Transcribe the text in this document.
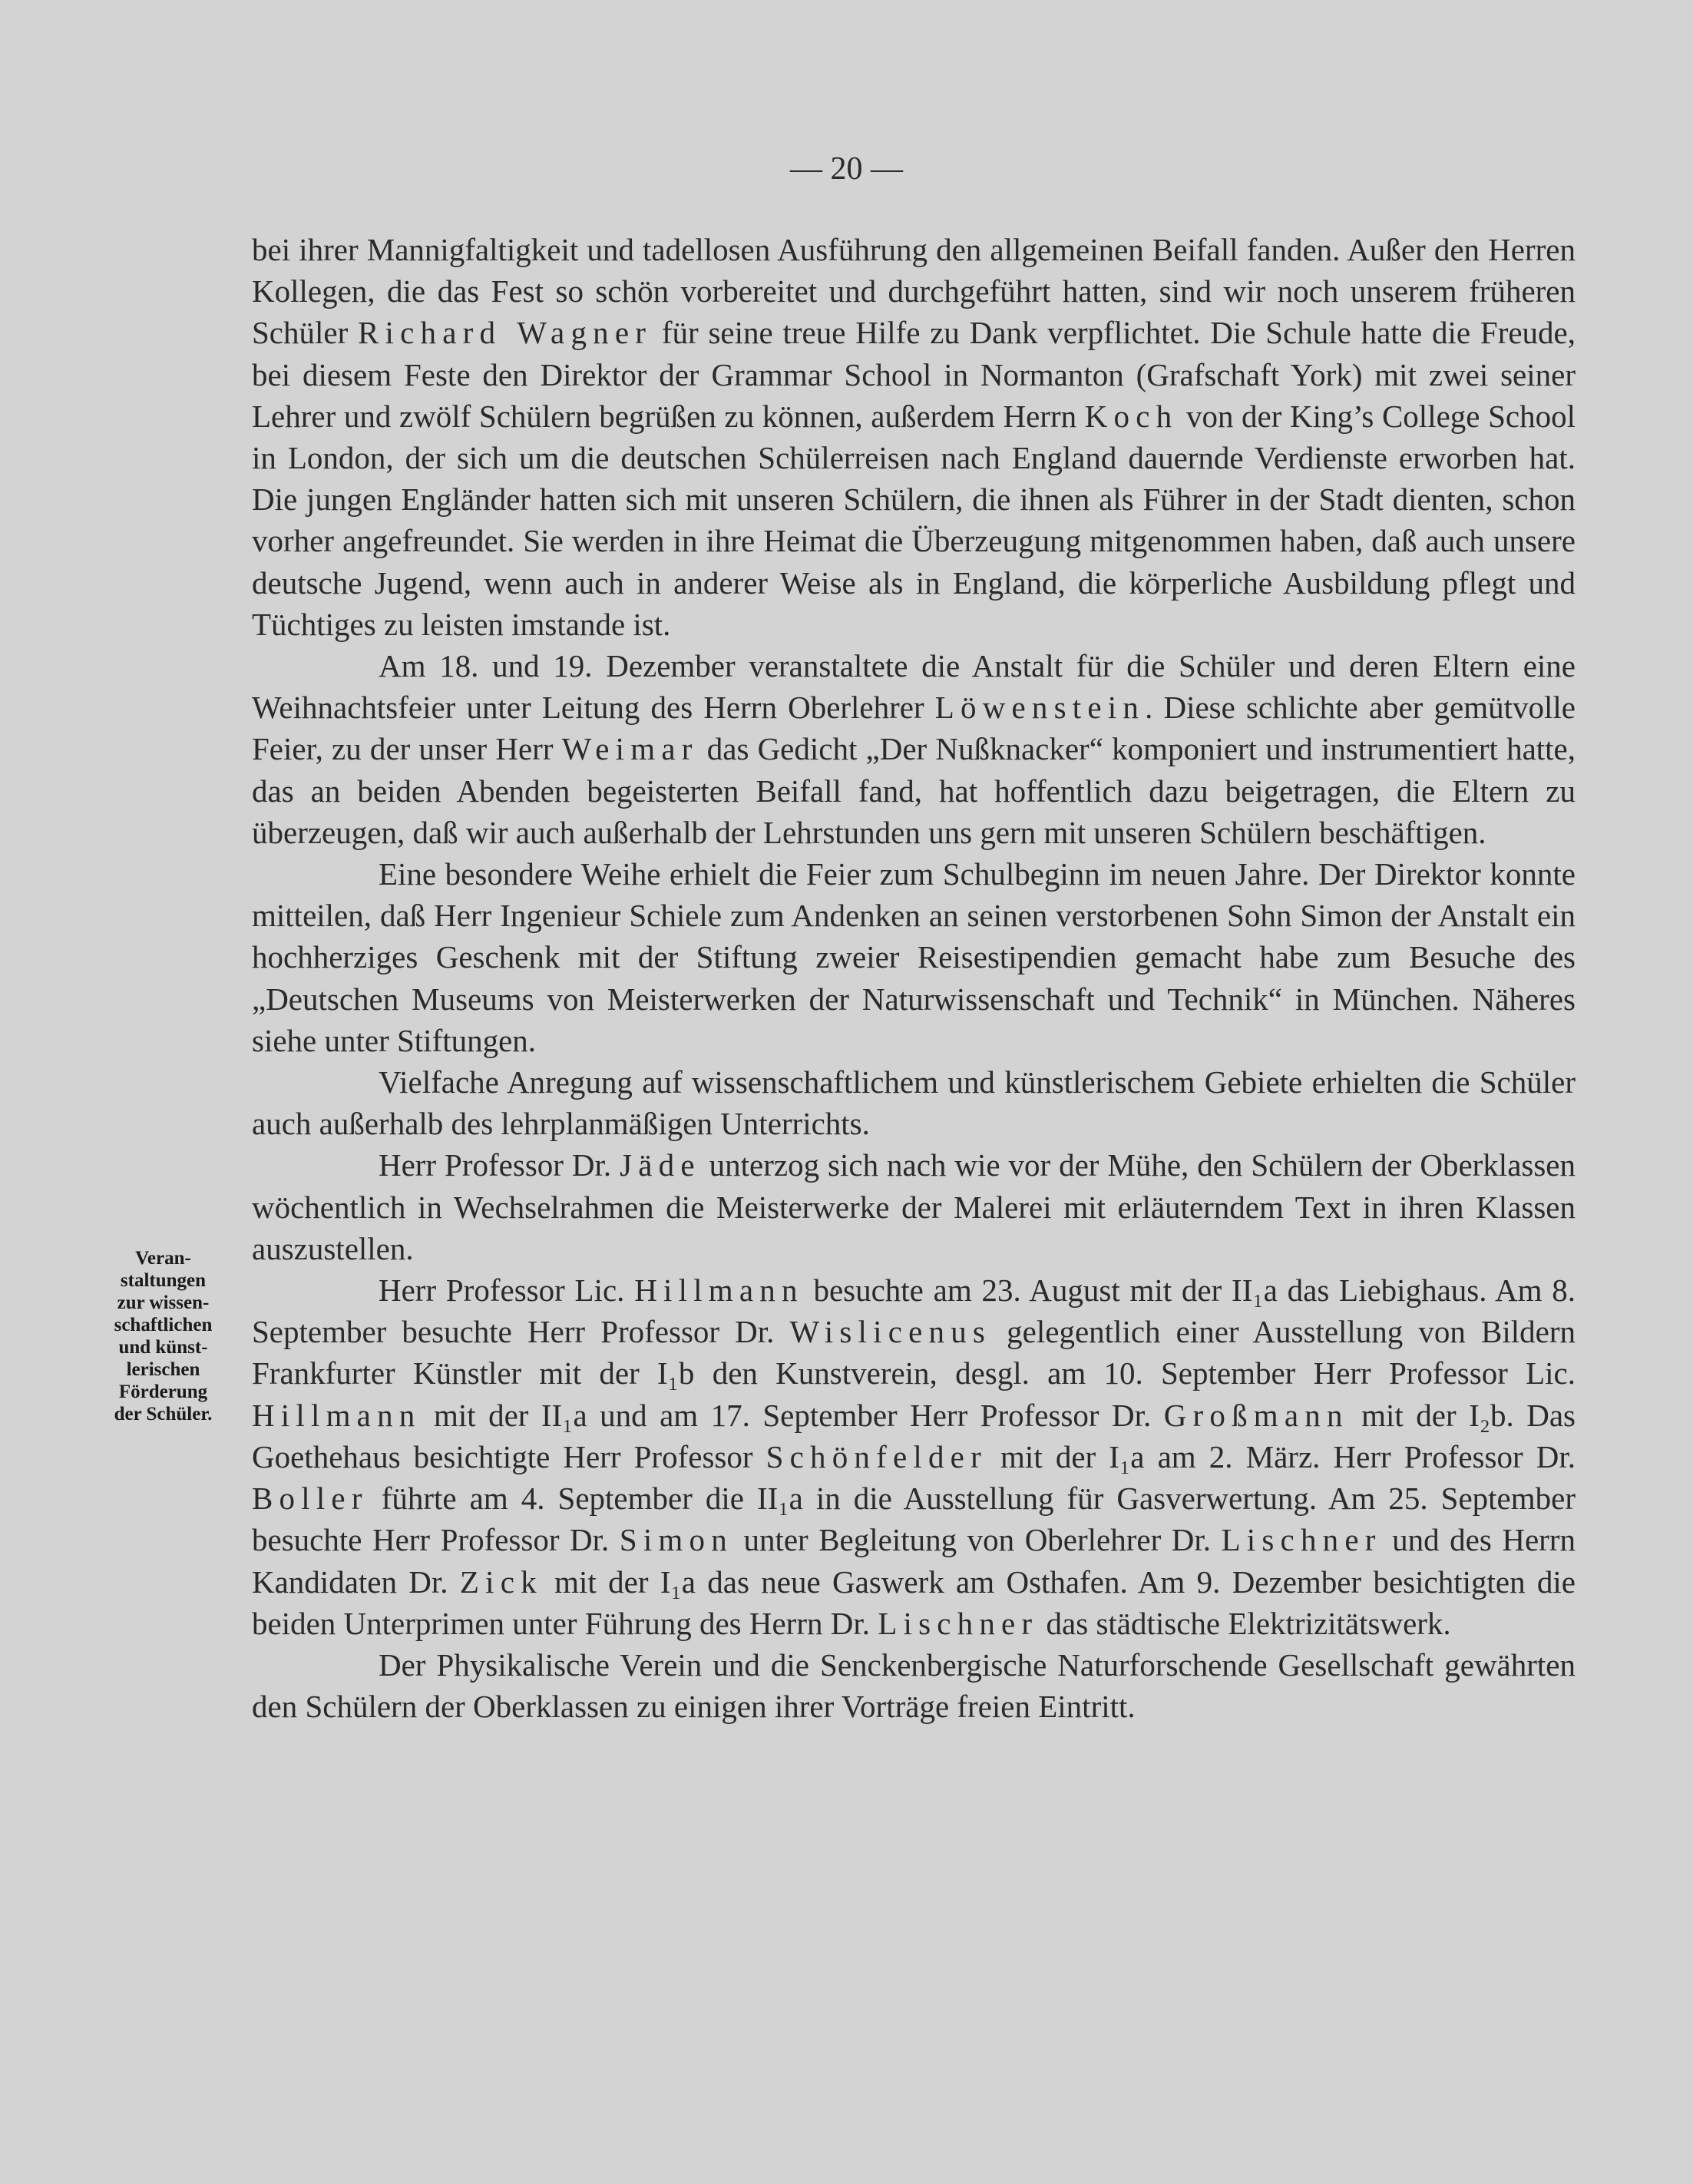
— 20 —
Veran-
staltungen
zur wissen-
schaftlichen
und künst-
lerischen
Förderung
der Schüler.

bei ihrer Mannigfaltigkeit und tadellosen Ausführung den allgemeinen Beifall fanden. Außer den Herren Kollegen, die das Fest so schön vorbereitet und durchgeführt hatten, sind wir noch unserem früheren Schüler Richard Wagner für seine treue Hilfe zu Dank verpflichtet. Die Schule hatte die Freude, bei diesem Feste den Direktor der Grammar School in Normanton (Grafschaft York) mit zwei seiner Lehrer und zwölf Schülern begrüßen zu können, außerdem Herrn Koch von der King’s College School in London, der sich um die deutschen Schülerreisen nach England dauernde Verdienste erworben hat. Die jungen Engländer hatten sich mit unseren Schülern, die ihnen als Führer in der Stadt dienten, schon vorher angefreundet. Sie werden in ihre Heimat die Überzeugung mitgenommen haben, daß auch unsere deutsche Jugend, wenn auch in anderer Weise als in England, die körperliche Ausbildung pflegt und Tüchtiges zu leisten imstande ist.

Am 18. und 19. Dezember veranstaltete die Anstalt für die Schüler und deren Eltern eine Weihnachtsfeier unter Leitung des Herrn Oberlehrer Löwenstein. Diese schlichte aber gemütvolle Feier, zu der unser Herr Weimar das Gedicht „Der Nußknacker“ komponiert und instrumentiert hatte, das an beiden Abenden begeisterten Beifall fand, hat hoffentlich dazu beigetragen, die Eltern zu überzeugen, daß wir auch außerhalb der Lehrstunden uns gern mit unseren Schülern beschäftigen.

Eine besondere Weihe erhielt die Feier zum Schulbeginn im neuen Jahre. Der Direktor konnte mitteilen, daß Herr Ingenieur Schiele zum Andenken an seinen verstorbenen Sohn Simon der Anstalt ein hochherziges Geschenk mit der Stiftung zweier Reisestipendien gemacht habe zum Besuche des „Deutschen Museums von Meisterwerken der Naturwissenschaft und Technik“ in München. Näheres siehe unter Stiftungen.

Vielfache Anregung auf wissenschaftlichem und künstlerischem Gebiete erhielten die Schüler auch außerhalb des lehrplanmäßigen Unterrichts.

Herr Professor Dr. Jäde unterzog sich nach wie vor der Mühe, den Schülern der Oberklassen wöchentlich in Wechselrahmen die Meisterwerke der Malerei mit erläuterndem Text in ihren Klassen auszustellen.

Herr Professor Lic. Hillmann besuchte am 23. August mit der II₁a das Liebighaus. Am 8. September besuchte Herr Professor Dr. Wislicenus gelegentlich einer Ausstellung von Bildern Frankfurter Künstler mit der I₁b den Kunstverein, desgl. am 10. September Herr Professor Lic. Hillmann mit der II₁a und am 17. September Herr Professor Dr. Großmann mit der I₂b. Das Goethehaus besichtigte Herr Professor Schönfelder mit der I₁a am 2. März. Herr Professor Dr. Boller führte am 4. September die II₁a in die Ausstellung für Gasverwertung. Am 25. September besuchte Herr Professor Dr. Simon unter Begleitung von Oberlehrer Dr. Lischner und des Herrn Kandidaten Dr. Zick mit der I₁a das neue Gaswerk am Osthafen. Am 9. Dezember besichtigten die beiden Unterprimen unter Führung des Herrn Dr. Lischner das städtische Elektrizitätswerk.

Der Physikalische Verein und die Senckenbergische Naturforschende Gesellschaft gewährten den Schülern der Oberklassen zu einigen ihrer Vorträge freien Eintritt.
